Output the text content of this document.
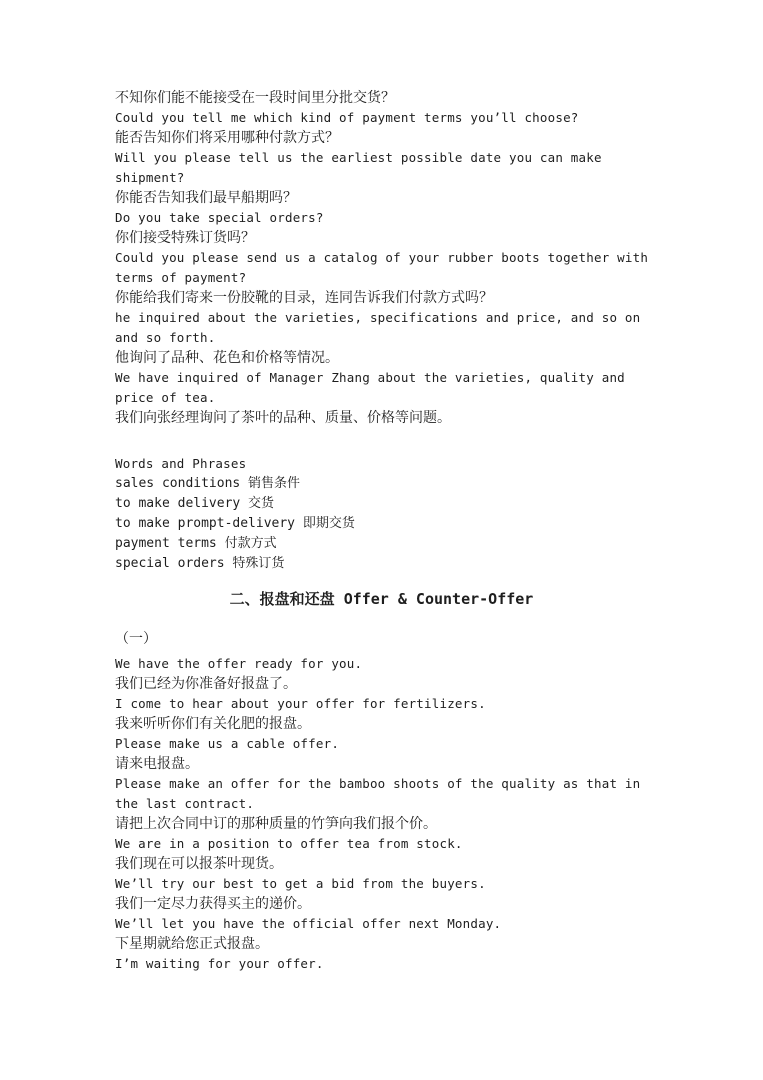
不知你们能不能接受在一段时间里分批交货？
Could you tell me which kind of payment terms you’ll choose?
能否告知你们将采用哪种付款方式？
Will you please tell us the earliest possible date you can make
shipment?
你能否告知我们最早船期吗？
Do you take special orders?
你们接受特殊订货吗？
Could you please send us a catalog of your rubber boots together with
terms of payment?
你能给我们寄来一份胶靴的目录，连同告诉我们付款方式吗？
he inquired about the varieties, specifications and price, and so on
and so forth.
他询问了品种、花色和价格等情况。
We have inquired of Manager Zhang about the varieties, quality and
price of tea.
我们向张经理询问了茶叶的品种、质量、价格等问题。
Words and Phrases
sales conditions 销售条件
to make delivery 交货
to make prompt-delivery 即期交货
payment terms 付款方式
special orders 特殊订货
二、报盘和还盘 Offer & Counter-Offer
（一）
We have the offer ready for you.
我们已经为你准备好报盘了。
I come to hear about your offer for fertilizers.
我来听听你们有关化肥的报盘。
Please make us a cable offer.
请来电报盘。
Please make an offer for the bamboo shoots of the quality as that in
the last contract.
请把上次合同中订的那种质量的竹笋向我们报个价。
We are in a position to offer tea from stock.
我们现在可以报茶叶现货。
We’ll try our best to get a bid from the buyers.
我们一定尽力获得买主的递价。
We’ll let you have the official offer next Monday.
下星期就给您正式报盘。
I’m waiting for your offer.
